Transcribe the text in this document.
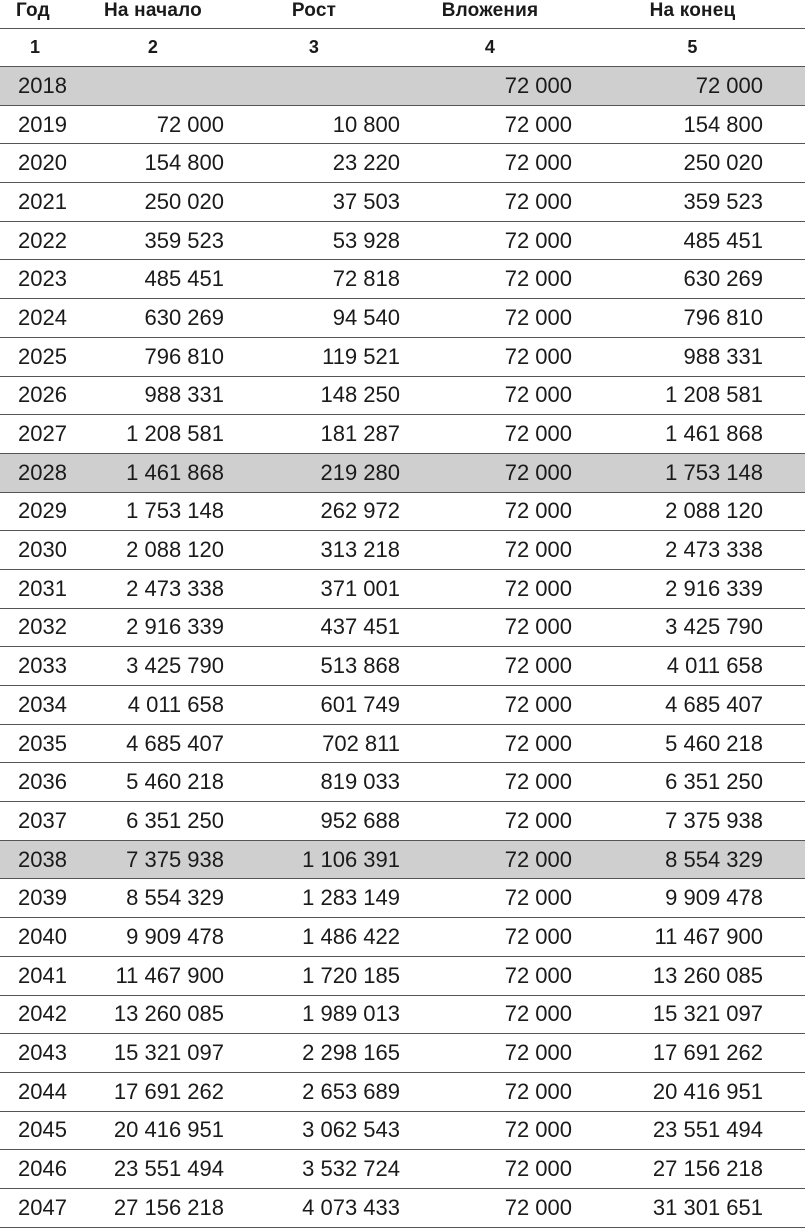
Год	На начало	Рост	Вложения	На конец
1	2	3	4	5
2018			72 000	72 000
2019	72 000	10 800	72 000	154 800
2020	154 800	23 220	72 000	250 020
2021	250 020	37 503	72 000	359 523
2022	359 523	53 928	72 000	485 451
2023	485 451	72 818	72 000	630 269
2024	630 269	94 540	72 000	796 810
2025	796 810	119 521	72 000	988 331
2026	988 331	148 250	72 000	1 208 581
2027	1 208 581	181 287	72 000	1 461 868
2028	1 461 868	219 280	72 000	1 753 148
2029	1 753 148	262 972	72 000	2 088 120
2030	2 088 120	313 218	72 000	2 473 338
2031	2 473 338	371 001	72 000	2 916 339
2032	2 916 339	437 451	72 000	3 425 790
2033	3 425 790	513 868	72 000	4 011 658
2034	4 011 658	601 749	72 000	4 685 407
2035	4 685 407	702 811	72 000	5 460 218
2036	5 460 218	819 033	72 000	6 351 250
2037	6 351 250	952 688	72 000	7 375 938
2038	7 375 938	1 106 391	72 000	8 554 329
2039	8 554 329	1 283 149	72 000	9 909 478
2040	9 909 478	1 486 422	72 000	11 467 900
2041	11 467 900	1 720 185	72 000	13 260 085
2042	13 260 085	1 989 013	72 000	15 321 097
2043	15 321 097	2 298 165	72 000	17 691 262
2044	17 691 262	2 653 689	72 000	20 416 951
2045	20 416 951	3 062 543	72 000	23 551 494
2046	23 551 494	3 532 724	72 000	27 156 218
2047	27 156 218	4 073 433	72 000	31 301 651
